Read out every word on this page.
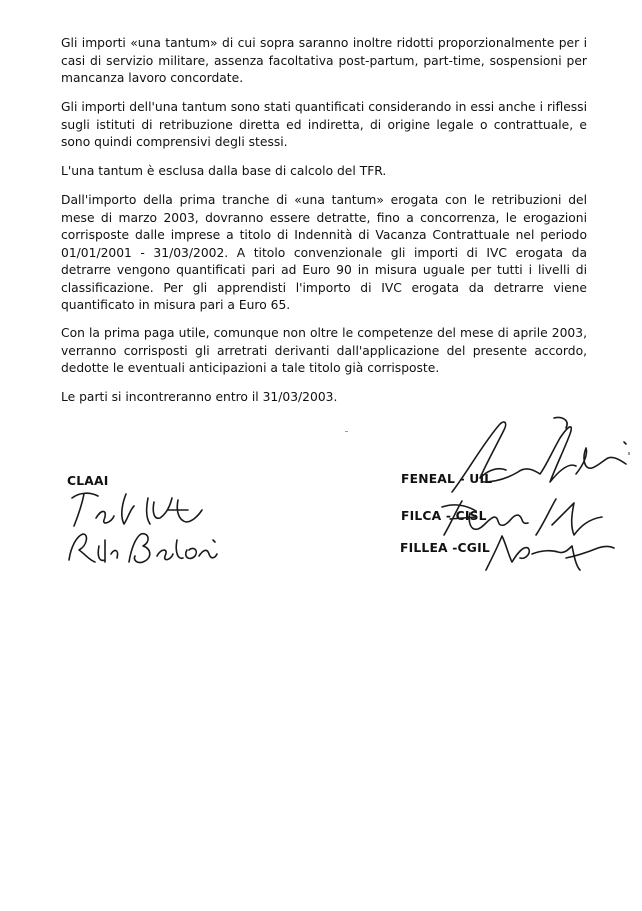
Gli importi «una tantum» di cui sopra saranno inoltre ridotti proporzionalmente per i casi di servizio militare, assenza facoltativa post-partum, part-time, sospensioni per mancanza lavoro concordate.

Gli importi dell'una tantum sono stati quantificati considerando in essi anche i riflessi sugli istituti di retribuzione diretta ed indiretta, di origine legale o contrattuale, e sono quindi comprensivi degli stessi.

L'una tantum è esclusa dalla base di calcolo del TFR.

Dall'importo della prima tranche di «una tantum» erogata con le retribuzioni del mese di marzo 2003, dovranno essere detratte, fino a concorrenza, le erogazioni corrisposte dalle imprese a titolo di Indennità di Vacanza Contrattuale nel periodo 01/01/2001 - 31/03/2002. A titolo convenzionale gli importi di IVC erogata da detrarre vengono quantificati pari ad Euro 90 in misura uguale per tutti i livelli di classificazione. Per gli apprendisti l'importo di IVC erogata da detrarre viene quantificato in misura pari a Euro 65.

Con la prima paga utile, comunque non oltre le competenze del mese di aprile 2003, verranno corrisposti gli arretrati derivanti dall'applicazione del presente accordo, dedotte le eventuali anticipazioni a tale titolo già corrisposte.

Le parti si incontreranno entro il 31/03/2003.

CLAAI	FENEAL - UIL
FILCA - CISL
FILLEA -CGIL
